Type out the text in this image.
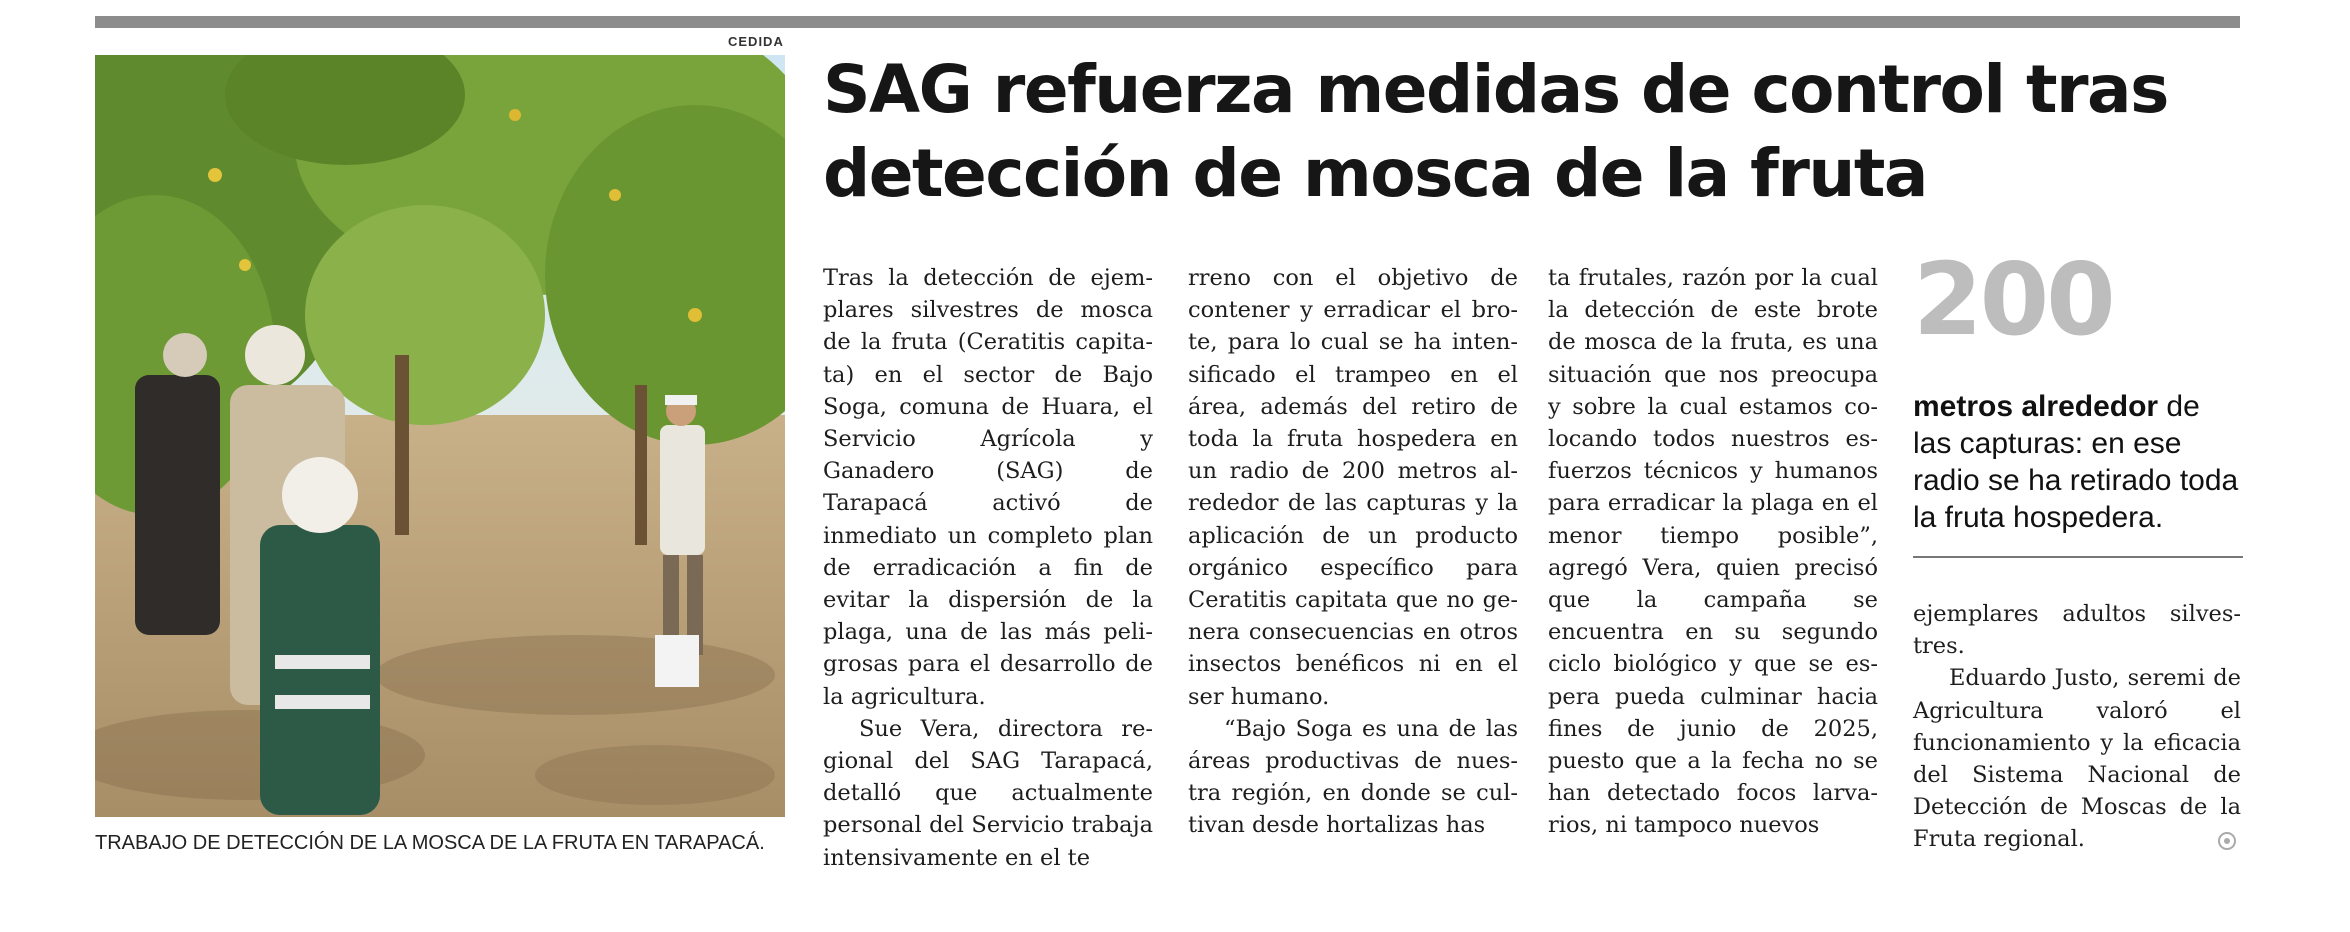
CEDIDA
TRABAJO DE DETECCIÓN DE LA MOSCA DE LA FRUTA EN TARAPACÁ.
SAG refuerza medidas de control tras detección de mosca de la fruta

Tras la detección de ejemplares silvestres de mosca de la fruta (Ceratitis capitata) en el sector de Bajo Soga, comuna de Huara, el Servicio Agrícola y Ganadero (SAG) de Tarapacá activó de inmediato un completo plan de erradicación a fin de evitar la dispersión de la plaga, una de las más peligrosas para el desarrollo de la agricultura.

Sue Vera, directora regional del SAG Tarapacá, detalló que actualmente personal del Servicio trabaja intensivamente en el te

rreno con el objetivo de contener y erradicar el brote, para lo cual se ha intensificado el trampeo en el área, además del retiro de toda la fruta hospedera en un radio de 200 metros alrededor de las capturas y la aplicación de un producto orgánico específico para Ceratitis capitata que no genera consecuencias en otros insectos benéficos ni en el ser humano.

“Bajo Soga es una de las áreas productivas de nuestra región, en donde se cultivan desde hortalizas has

ta frutales, razón por la cual la detección de este brote de mosca de la fruta, es una situación que nos preocupa y sobre la cual estamos colocando todos nuestros esfuerzos técnicos y humanos para erradicar la plaga en el menor tiempo posible”, agregó Vera, quien precisó que la campaña se encuentra en su segundo ciclo biológico y que se espera pueda culminar hacia fines de junio de 2025, puesto que a la fecha no se han detectado focos larvarios, ni tampoco nuevos

200
metros alrededor de las capturas: en ese radio se ha retirado toda la fruta hospedera.

ejemplares adultos silvestres.

Eduardo Justo, seremi de Agricultura valoró el funcionamiento y la eficacia del Sistema Nacional de Detección de Moscas de la Fruta regional.
